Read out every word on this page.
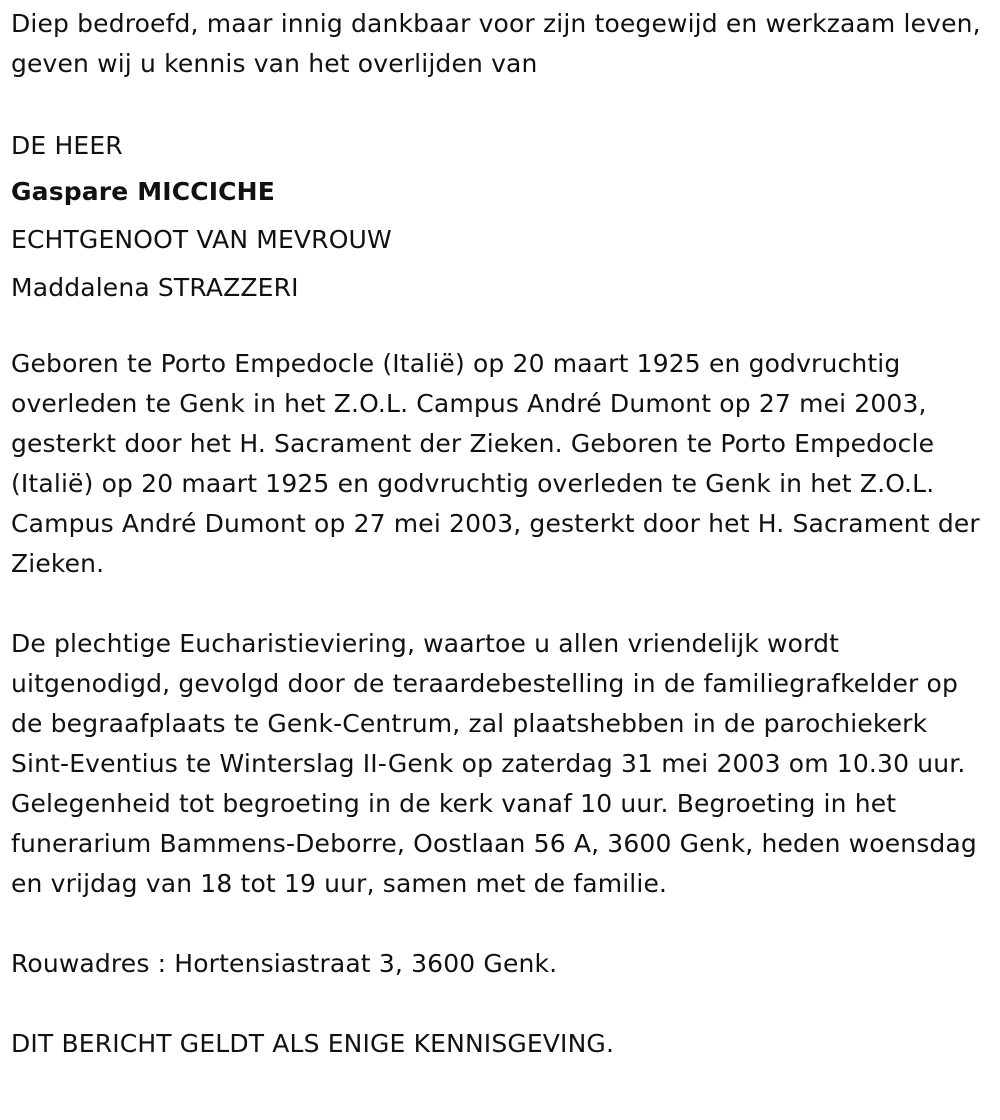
Diep bedroefd, maar innig dankbaar voor zijn toegewijd en werkzaam leven, geven wij u kennis van het overlijden van

DE HEER
Gaspare MICCICHE
ECHTGENOOT VAN MEVROUW
Maddalena STRAZZERI

Geboren te Porto Empedocle (Italië) op 20 maart 1925 en godvruchtig overleden te Genk in het Z.O.L. Campus André Dumont op 27 mei 2003, gesterkt door het H. Sacrament der Zieken. Geboren te Porto Empedocle (Italië) op 20 maart 1925 en godvruchtig overleden te Genk in het Z.O.L. Campus André Dumont op 27 mei 2003, gesterkt door het H. Sacrament der Zieken.

De plechtige Eucharistieviering, waartoe u allen vriendelijk wordt uitgenodigd, gevolgd door de teraardebestelling in de familiegrafkelder op de begraafplaats te Genk-Centrum, zal plaatshebben in de parochiekerk Sint-Eventius te Winterslag II-Genk op zaterdag 31 mei 2003 om 10.30 uur. Gelegenheid tot begroeting in de kerk vanaf 10 uur. Begroeting in het funerarium Bammens-Deborre, Oostlaan 56 A, 3600 Genk, heden woensdag en vrijdag van 18 tot 19 uur, samen met de familie.

Rouwadres : Hortensiastraat 3, 3600 Genk.

DIT BERICHT GELDT ALS ENIGE KENNISGEVING.
